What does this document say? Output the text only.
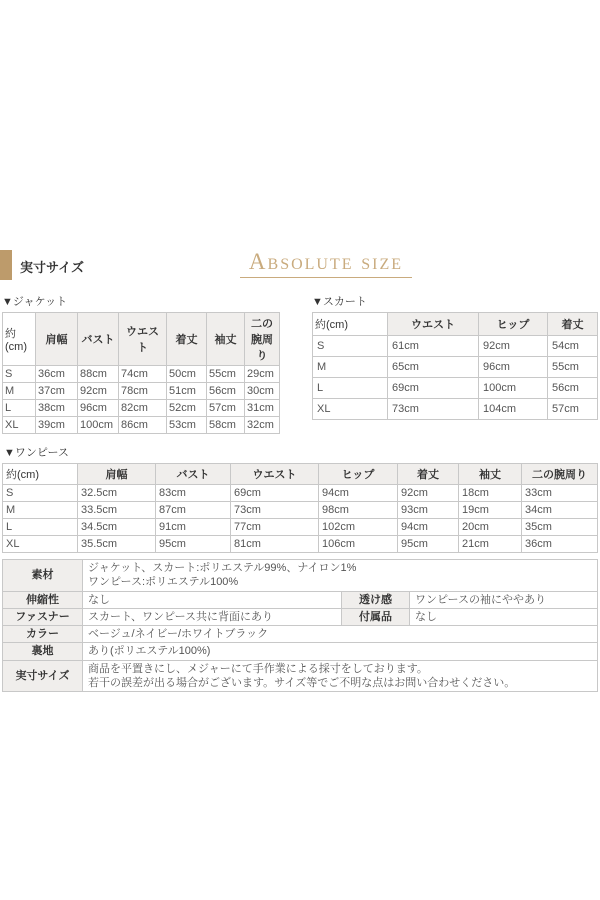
実寸サイズ	Absolute size
▼ジャケット
約(cm)	肩幅	バスト	ウエスト	着丈	袖丈	二の腕周り
S	36cm	88cm	74cm	50cm	55cm	29cm
M	37cm	92cm	78cm	51cm	56cm	30cm
L	38cm	96cm	82cm	52cm	57cm	31cm
XL	39cm	100cm	86cm	53cm	58cm	32cm
▼スカート
約(cm)	ウエスト	ヒップ	着丈
S	61cm	92cm	54cm
M	65cm	96cm	55cm
L	69cm	100cm	56cm
XL	73cm	104cm	57cm
▼ワンピース
約(cm)	肩幅	バスト	ウエスト	ヒップ	着丈	袖丈	二の腕周り
S	32.5cm	83cm	69cm	94cm	92cm	18cm	33cm
M	33.5cm	87cm	73cm	98cm	93cm	19cm	34cm
L	34.5cm	91cm	77cm	102cm	94cm	20cm	35cm
XL	35.5cm	95cm	81cm	106cm	95cm	21cm	36cm
素材	ジャケット、スカート:ポリエステル99%、ナイロン1%
ワンピース:ポリエステル100%		

伸縮性	なし	透け感	ワンピースの袖にややあり
ファスナー	スカート、ワンピース共に背面にあり	付属品	なし
カラー	ベージュ/ネイビー/ホワイトブラック		
裏地	あり(ポリエステル100%)		
実寸サイズ	商品を平置きにし、メジャーにて手作業による採寸をしております。
若干の誤差が出る場合がございます。サイズ等でご不明な点はお問い合わせください。		
